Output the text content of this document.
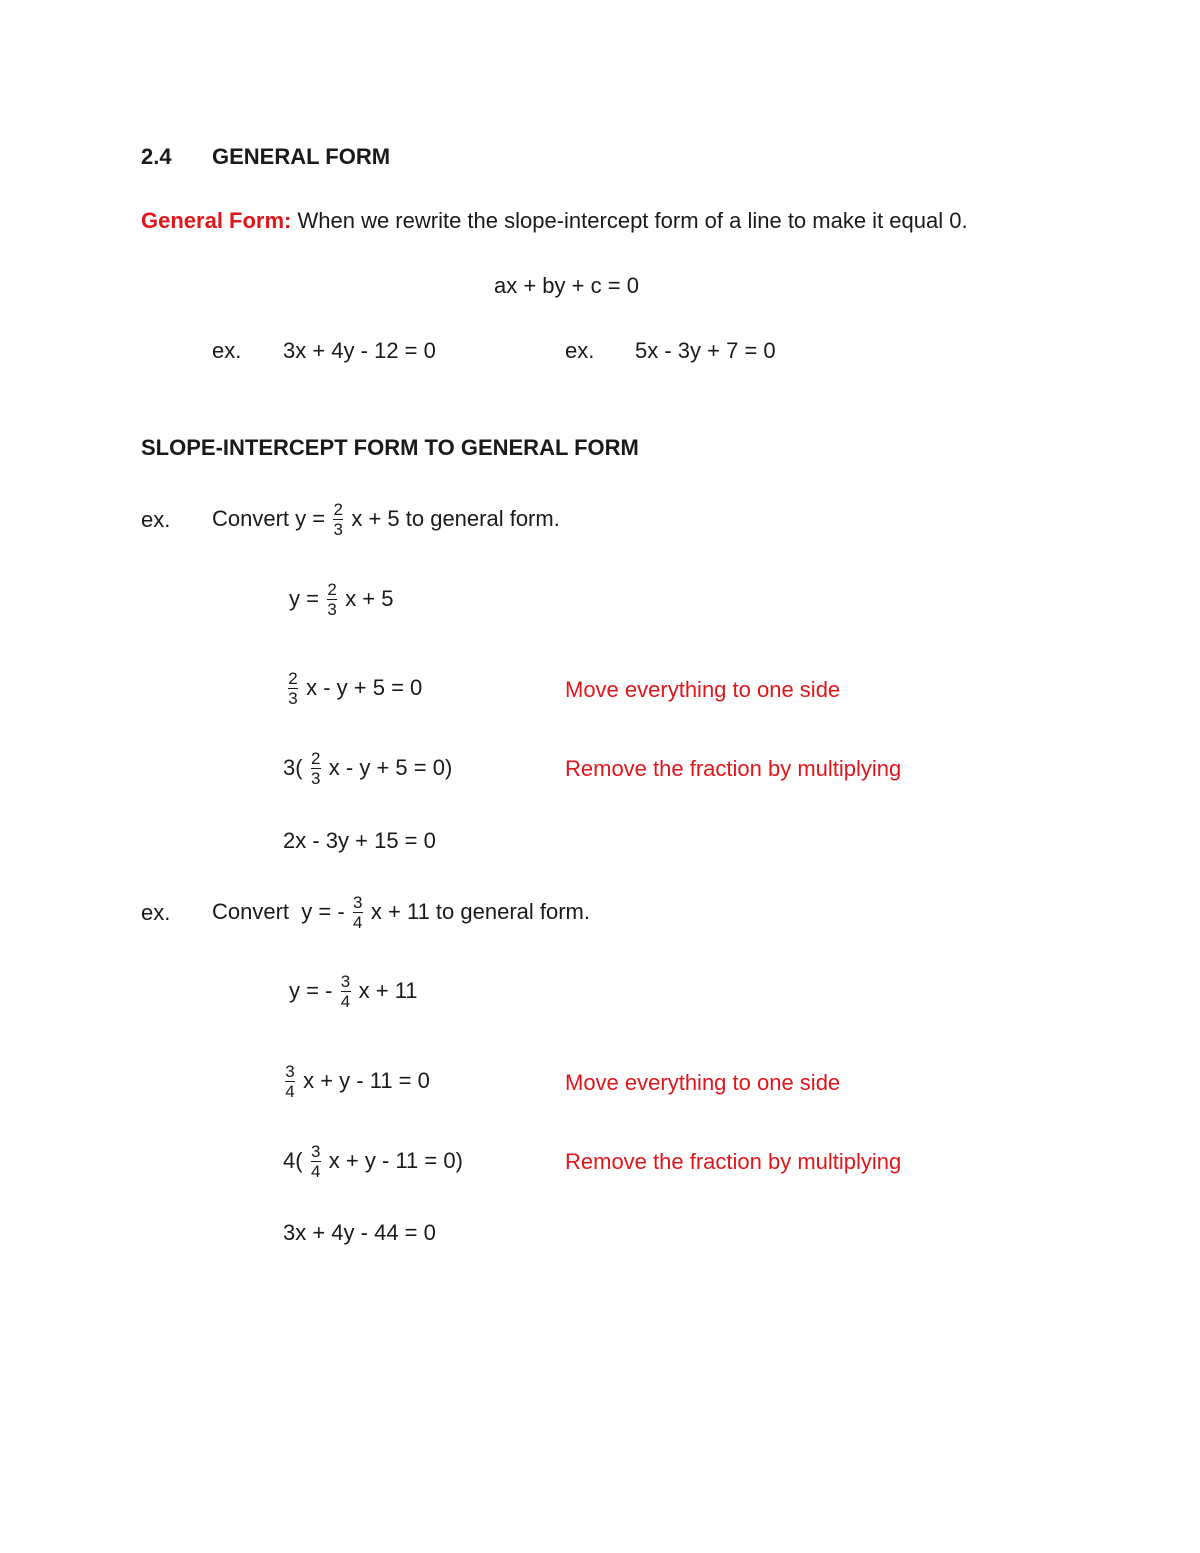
2.4 GENERAL FORM
General Form: When we rewrite the slope-intercept form of a line to make it equal 0.
ax + by + c = 0
ex. 3x + 4y - 12 = 0	ex. 5x - 3y + 7 = 0
SLOPE-INTERCEPT FORM TO GENERAL FORM
ex. Convert $y = \frac{2}{3}$ x + 5 to general form.
$y = \frac{2}{3}$ x + 5
$\frac{2}{3}$ x - y + 5 = 0	Move everything to one side
$3( \frac{2}{3}$ x - y + 5 = 0)	Remove the fraction by multiplying
2x - 3y + 15 = 0
ex. Convert  y = - $\frac{3}{4}$ x + 11 to general form.
y = - $\frac{3}{4}$ x + 11
$\frac{3}{4}$ x + y - 11 = 0	Move everything to one side
$4( \frac{3}{4}$ x + y - 11 = 0)	Remove the fraction by multiplying
3x + 4y - 44 = 0
